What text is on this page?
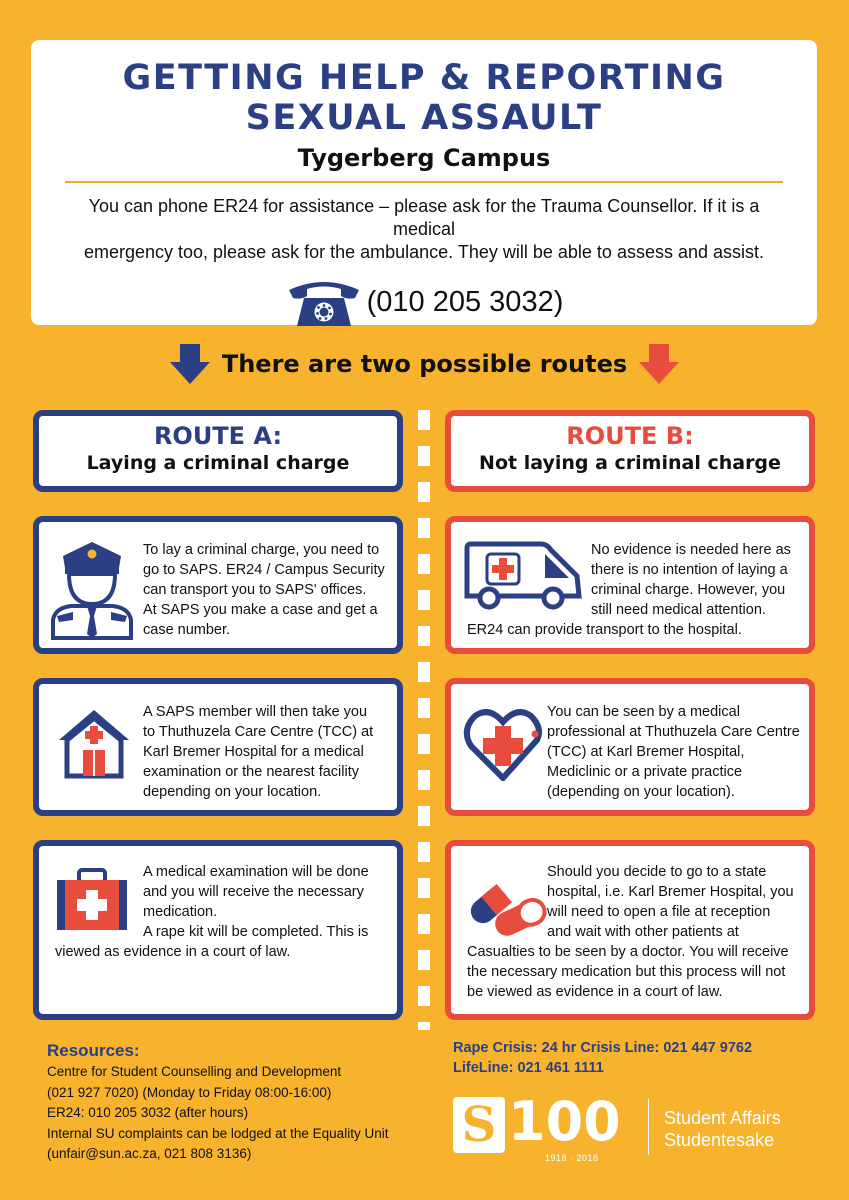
GETTING HELP & REPORTING
SEXUAL ASSAULT
Tygerberg Campus
You can phone ER24 for assistance – please ask for the Trauma Counsellor. If it is a medical
emergency too, please ask for the ambulance. They will be able to assess and assist.
(010 205 3032)
There are two possible routes
ROUTE A:
Laying a criminal charge
ROUTE B:
Not laying a criminal charge
To lay a criminal charge, you need to
go to SAPS. ER24 / Campus Security
can transport you to SAPS' offices.
At SAPS you make a case and get a
case number.
No evidence is needed here as
there is no intention of laying a
criminal charge. However, you
still need medical attention.
ER24 can provide transport to the hospital.
A SAPS member will then take you
to Thuthuzela Care Centre (TCC) at
Karl Bremer Hospital for a medical
examination or the nearest facility
depending on your location.
You can be seen by a medical
professional at Thuthuzela Care Centre
(TCC) at Karl Bremer Hospital,
Mediclinic or a private practice
(depending on your location).
A medical examination will be done
and you will receive the necessary
medication.
A rape kit will be completed. This is
viewed as evidence in a court of law.
Should you decide to go to a state
hospital, i.e. Karl Bremer Hospital, you
will need to open a file at reception
and wait with other patients at
Casualties to be seen by a doctor. You will receive
the necessary medication but this process will not
be viewed as evidence in a court of law.
Resources:
Centre for Student Counselling and Development
(021 927 7020) (Monday to Friday 08:00-16:00)
ER24: 010 205 3032 (after hours)
Internal SU complaints can be lodged at the Equality Unit
(unfair@sun.ac.za, 021 808 3136)
Rape Crisis: 24 hr Crisis Line: 021 447 9762
LifeLine: 021 461 1111
S 100
1918 · 2018
Student Affairs
Studentesake
